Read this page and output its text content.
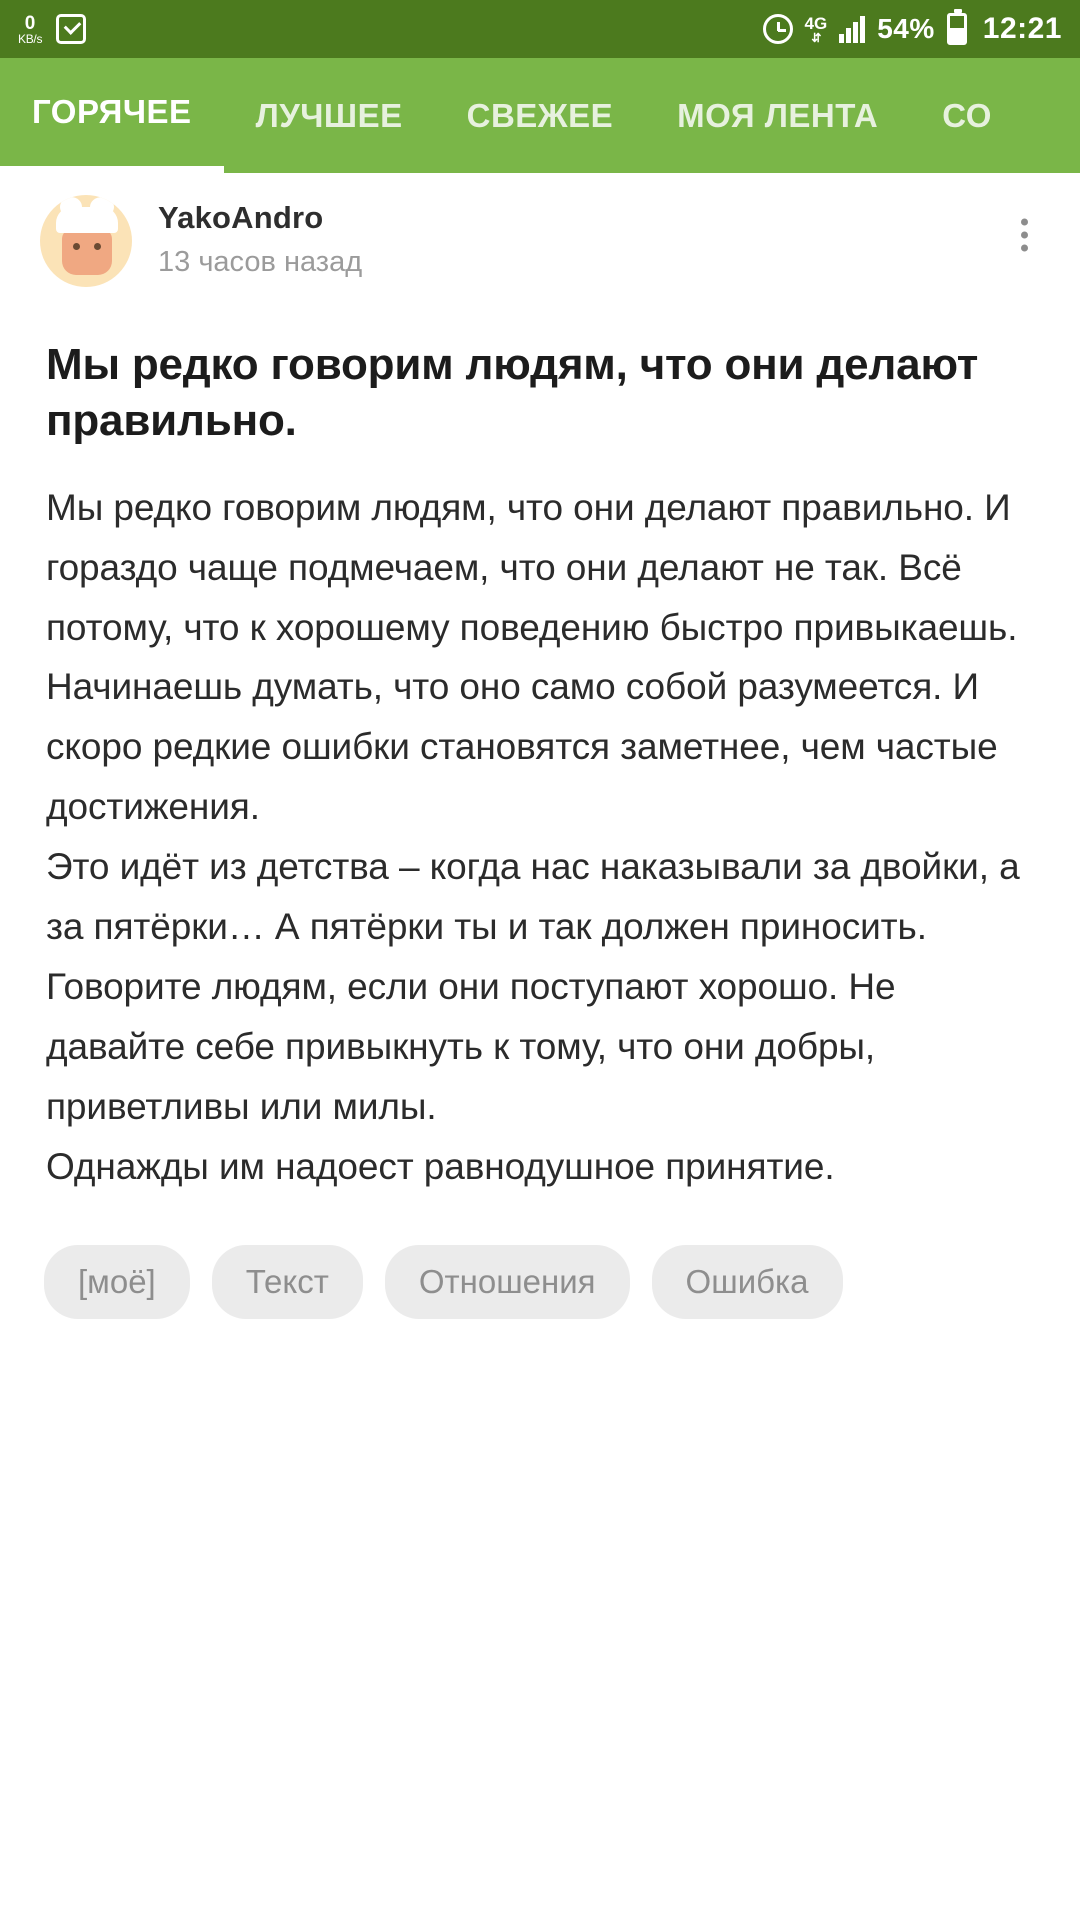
0
KB/s
4G
⇵ 54% 12:21
ГОРЯЧЕЕ	ЛУЧШЕЕ	СВЕЖЕЕ	МОЯ ЛЕНТА	СО
YakoAndro
13 часов назад
Мы редко говорим людям, что они делают правильно.

Мы редко говорим людям, что они делают правильно. И гораздо чаще подмечаем, что они делают не так. Всё потому, что к хорошему поведению быстро привыкаешь. Начинаешь думать, что оно само собой разумеется. И скоро редкие ошибки становятся заметнее, чем частые достижения.

Это идёт из детства – когда нас наказывали за двойки, а за пятёрки… А пятёрки ты и так должен приносить. Говорите людям, если они поступают хорошо. Не давайте себе привыкнуть к тому, что они добры, приветливы или милы.

Однажды им надоест равнодушное принятие.

[моё]	Текст	Отношения	Ошибка
